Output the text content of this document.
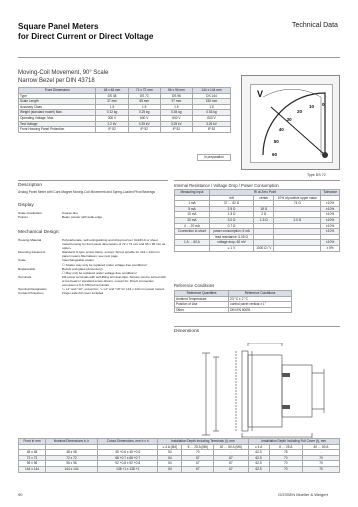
Square Panel Meters
for Direct Current or Direct Voltage
Technical Data
Moving-Coil Movement, 90° Scale
Narrow Bezel per DIN 43718
Front Dimensions	48 x 48 mm	72 x 72 mm	96 x 96 mm	144 x 144 mm
Type	DS 48	DS 72	DS 96	DS 144
Scale Length	37 mm	65 mm	97 mm	150 mm
Accuracy Class	1.5	1.5	1.5	1.5
Weight (standard model) Max.	0.12 kg	0.25 kg	0.45 kg	0.53 kg
Operating Voltage, Max.	300 V	600 V	600 V	600 V
Test Voltage	2.2 kV	3.25 kV	3.25 kV	3.25 kV
Front Housing Panel Protection	IP 52	IP 52	IP 52	IP 52
in preparation
V
0
10
20
30
40
50
60
Type DS 72
Description
Analog Panel Meter with Core-Magnet Moving-Coil Movement and Spring-Loaded Pivot Bearings
Display
Scale Graduation	Coarse-fine
Pointer	Beam pointer with knife-edge
Mechanical Design:
Housing Material	Polycarbonate, self-extinguishing and drip-proof per UL94V-0 or sheet metal housing for front panel dimensions of 72 x 72 mm and 96 x 96 mm as option.
Mounting Fasteners	Standard: 6-type screw clamp, except: Screw spindle for 144 x 144 mm panel meters Alternatives: see next page
Scale	Interchangeable scales
	☐ Scales may only be replaced under voltage-free conditions!
Replaceable	Bezels and glass (Accessory)
	☐ May only be replaced under voltage-free conditions!
Terminals	M4 screw terminals with self-lifting terminal clips. Screws can be turned with cross-head or standard screw drivers, except for: Direct connection ammeters ≥ 6 A: M6 bolt terminals.
Terminal Designation	"+ L1" and "12", except for: "+ L1" and "10" for 144 x 144 mm panel meters
Contact Protection	Finger-safe full cover included
Internal Resistance / Voltage Drop / Power Consumption
Measuring Input	Ri at Zero Point			Tolerance
	left	center	10% of positive upper value	
1 mA	37 … 62 Ω		74 Ω	±10%
5 mA	2.5 Ω	18 Ω		±10%
10 mA	1.5 Ω	2 Ω		±10%
20 mA	3.0 Ω	1.5 Ω	2.0 Ω	±10%
4 … 20 mA	0.7 Ω			±10%
Connection to shunt	power consumption: 6 mA			±10%
	lead resistance: 0.05 Ω			
1 A … 60 A	voltage drop: 60 mV			±10%
	≥ 1 V	1000 Ω / V		± 5%
Reference Conditions
Reference Quantities	Reference Conditions
Ambient Temperature	23 °C ± 2 °C
Position of Use	control panel vertical ± 1°
Other	DIN EN 60051
Dimensions
Front in mm	Nominal Dimensions b, h	Cutout Dimensions, mm b x h	Installation Depth Including Terminals (t), mm			Installation Depth Including Full Cover (t), mm		
			≤ 4 A (M4)	6 … 25 A (M6)	40 … 60 A (M6)	≤ 4 A	6 … 25 A	40 … 60 A
48 x 48	48 x 48	45 +0.6 x 45 +0.6	54	70	-	62.5	75	-
72 x 72	72 x 72	68 +0.7 x 68 +0.7	54	67	67	62.5	70	70
96 x 96	96 x 96	92 +0.8 x 92 +0.8	54	67	67	62.5	70	70
144 x 144	144 x 144	138 +1 x 138 +1	54	67	67	62.5	70	70
90	GOSSEN Mueller & Weigert
